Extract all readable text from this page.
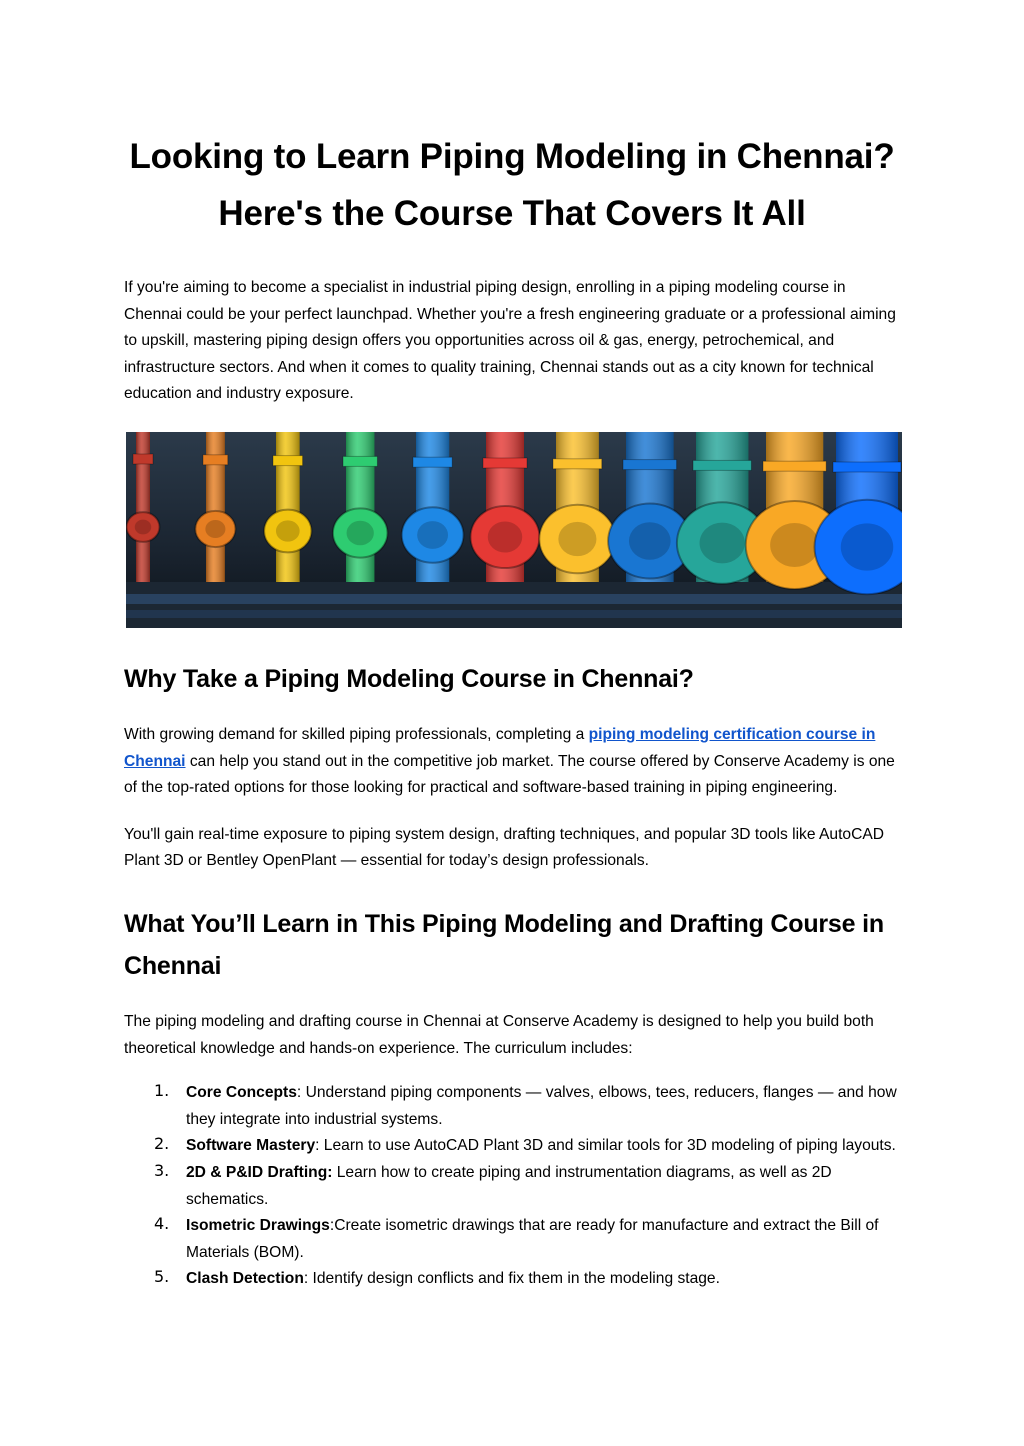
Looking to Learn Piping Modeling in Chennai? Here's the Course That Covers It All

If you're aiming to become a specialist in industrial piping design, enrolling in a piping modeling course in Chennai could be your perfect launchpad. Whether you're a fresh engineering graduate or a professional aiming to upskill, mastering piping design offers you opportunities across oil & gas, energy, petrochemical, and infrastructure sectors. And when it comes to quality training, Chennai stands out as a city known for technical education and industry exposure.

Why Take a Piping Modeling Course in Chennai?

With growing demand for skilled piping professionals, completing a piping modeling certification course in Chennai can help you stand out in the competitive job market. The course offered by Conserve Academy is one of the top-rated options for those looking for practical and software-based training in piping engineering.

You'll gain real-time exposure to piping system design, drafting techniques, and popular 3D tools like AutoCAD Plant 3D or Bentley OpenPlant — essential for today’s design professionals.

What You’ll Learn in This Piping Modeling and Drafting Course in Chennai

The piping modeling and drafting course in Chennai at Conserve Academy is designed to help you build both theoretical knowledge and hands-on experience. The curriculum includes:

1. Core Concepts: Understand piping components — valves, elbows, tees, reducers, flanges — and how they integrate into industrial systems.
2. Software Mastery: Learn to use AutoCAD Plant 3D and similar tools for 3D modeling of piping layouts.
3. 2D & P&ID Drafting: Learn how to create piping and instrumentation diagrams, as well as 2D schematics.
4. Isometric Drawings:Create isometric drawings that are ready for manufacture and extract the Bill of Materials (BOM).
5. Clash Detection: Identify design conflicts and fix them in the modeling stage.
